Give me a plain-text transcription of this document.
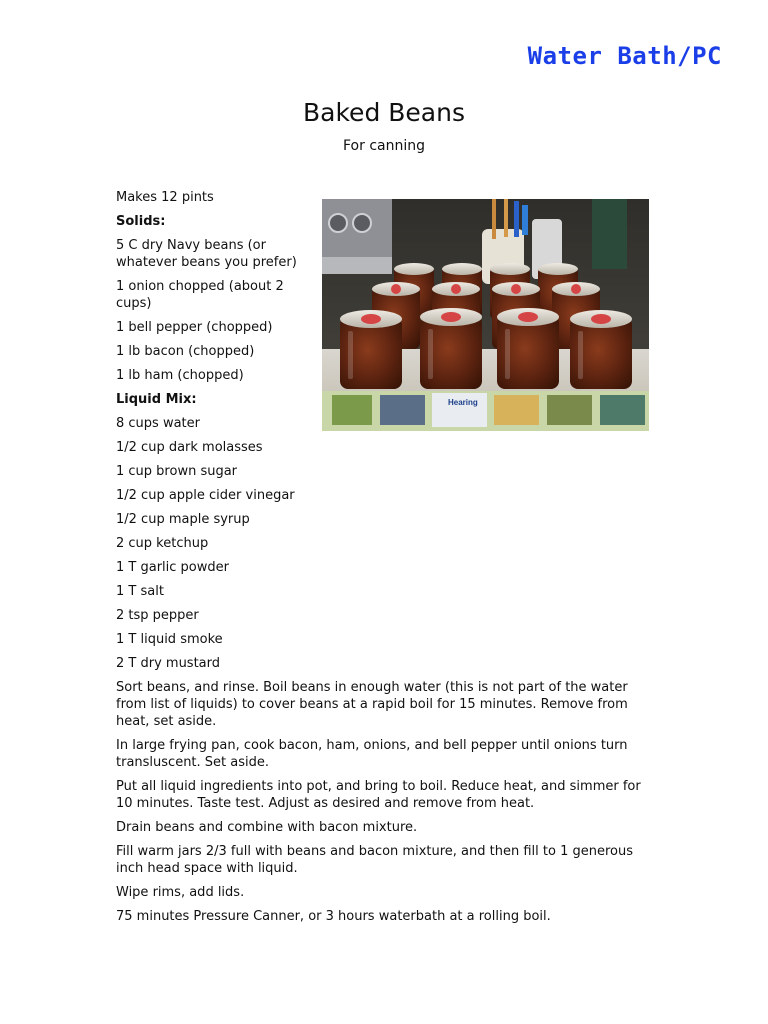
Water Bath/PC
Baked Beans
For canning

Makes 12 pints

Solids:

5 C dry Navy beans (or whatever beans you prefer)

1 onion chopped (about 2 cups)

1 bell pepper (chopped)

1 lb bacon (chopped)

1 lb ham (chopped)

Liquid Mix:

8 cups water

1/2 cup dark molasses

1 cup brown sugar

1/2 cup apple cider vinegar

1/2 cup maple syrup

2 cup ketchup

1 T garlic powder

1 T salt

2 tsp pepper

1 T liquid smoke

2 T dry mustard

Sort beans, and rinse. Boil beans in enough water (this is not part of the water from list of liquids) to cover beans at a rapid boil for 15 minutes. Remove from heat, set aside.

In large frying pan, cook bacon, ham, onions, and bell pepper until onions turn transluscent. Set aside.

Put all liquid ingredients into pot, and bring to boil. Reduce heat, and simmer for 10 minutes. Taste test. Adjust as desired and remove from heat.

Drain beans and combine with bacon mixture.

Fill warm jars 2/3 full with beans and bacon mixture, and then fill to 1 generous inch head space with liquid.

Wipe rims, add lids.

75 minutes Pressure Canner, or 3 hours waterbath at a rolling boil.

Hearing
